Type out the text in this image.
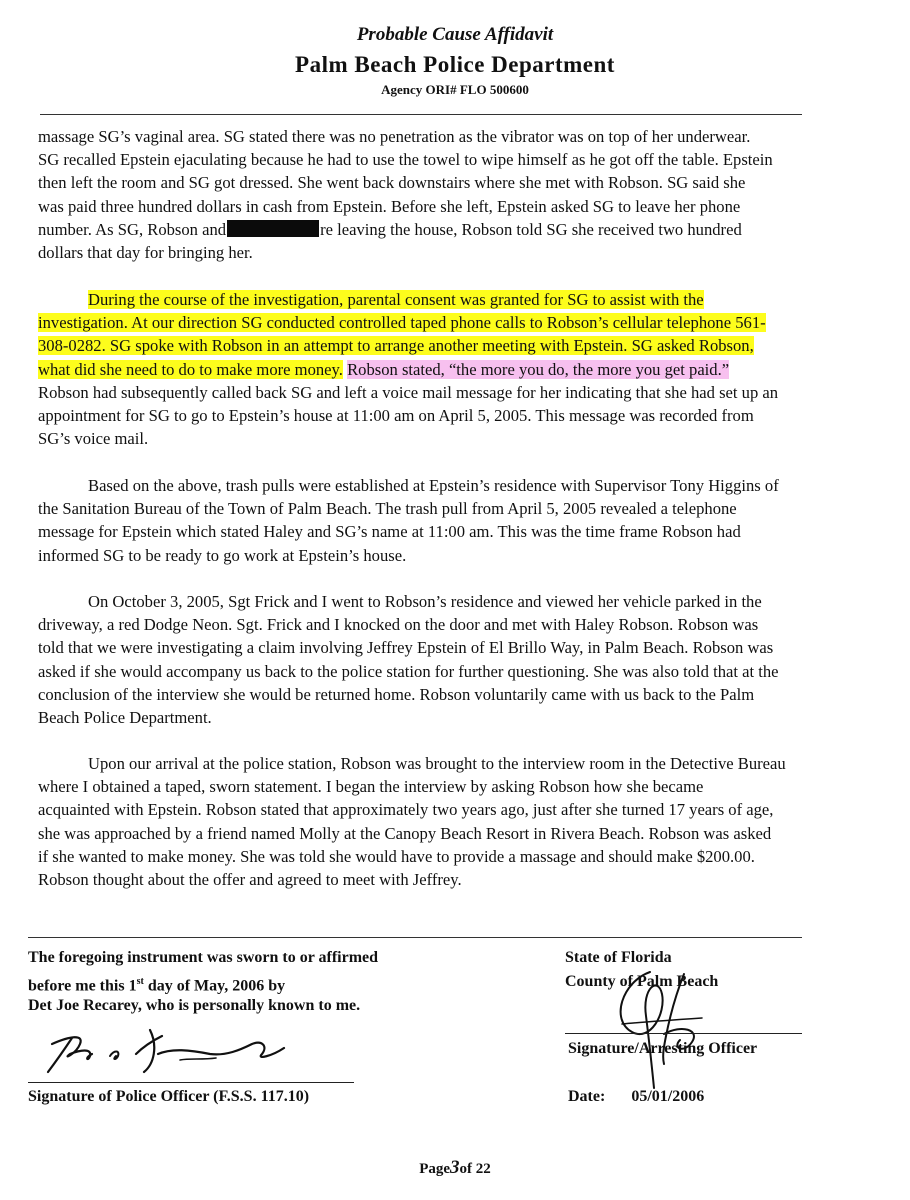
Probable Cause Affidavit
Palm Beach Police Department
Agency ORI# FLO 500600
massage SG’s vaginal area. SG stated there was no penetration as the vibrator was on top of her underwear.
SG recalled Epstein ejaculating because he had to use the towel to wipe himself as he got off the table. Epstein
then left the room and SG got dressed. She went back downstairs where she met with Robson. SG said she
was paid three hundred dollars in cash from Epstein. Before she left, Epstein asked SG to leave her phone
number. As SG, Robson and	re leaving the house, Robson told SG she received two hundred
dollars that day for bringing her.
During the course of the investigation, parental consent was granted for SG to assist with the
investigation. At our direction SG conducted controlled taped phone calls to Robson’s cellular telephone 561-
308-0282. SG spoke with Robson in an attempt to arrange another meeting with Epstein. SG asked Robson,
what did she need to do to make more money. Robson stated, “the more you do, the more you get paid.”
Robson had subsequently called back SG and left a voice mail message for her indicating that she had set up an
appointment for SG to go to Epstein’s house at 11:00 am on April 5, 2005. This message was recorded from
SG’s voice mail.
Based on the above, trash pulls were established at Epstein’s residence with Supervisor Tony Higgins of
the Sanitation Bureau of the Town of Palm Beach. The trash pull from April 5, 2005 revealed a telephone
message for Epstein which stated Haley and SG’s name at 11:00 am. This was the time frame Robson had
informed SG to be ready to go work at Epstein’s house.
On October 3, 2005, Sgt Frick and I went to Robson’s residence and viewed her vehicle parked in the
driveway, a red Dodge Neon. Sgt. Frick and I knocked on the door and met with Haley Robson. Robson was
told that we were investigating a claim involving Jeffrey Epstein of El Brillo Way, in Palm Beach. Robson was
asked if she would accompany us back to the police station for further questioning. She was also told that at the
conclusion of the interview she would be returned home. Robson voluntarily came with us back to the Palm
Beach Police Department.
Upon our arrival at the police station, Robson was brought to the interview room in the Detective Bureau
where I obtained a taped, sworn statement. I began the interview by asking Robson how she became
acquainted with Epstein. Robson stated that approximately two years ago, just after she turned 17 years of age,
she was approached by a friend named Molly at the Canopy Beach Resort in Rivera Beach. Robson was asked
if she wanted to make money. She was told she would have to provide a massage and should make $200.00.
Robson thought about the offer and agreed to meet with Jeffrey.
The foregoing instrument was sworn to or affirmed
before me this 1st day of May, 2006 by
Det Joe Recarey, who is personally known to me.
State of Florida
County of Palm Beach
Signature of Police Officer (F.S.S. 117.10)
Signature/Arresting Officer
Date: 05/01/2006
Page3of 22
